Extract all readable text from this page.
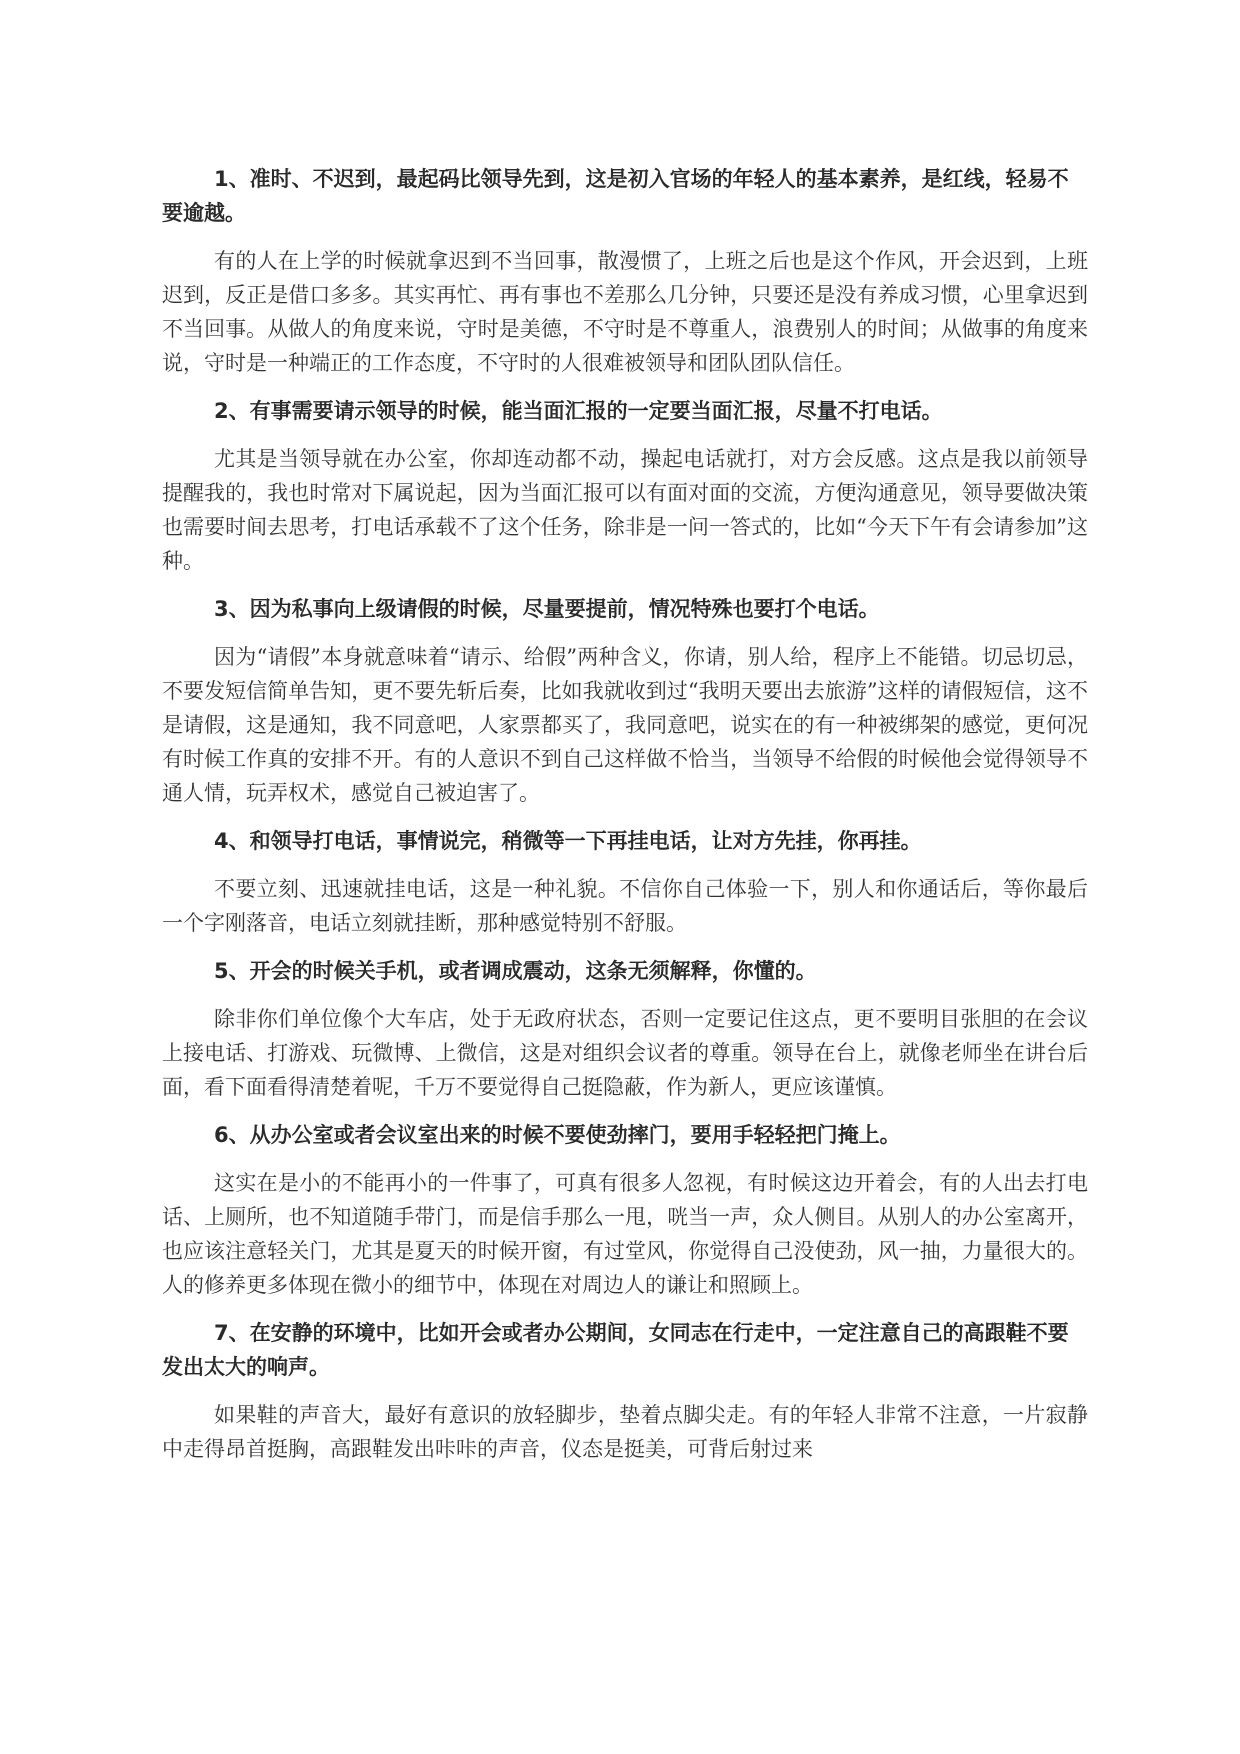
1、准时、不迟到，最起码比领导先到，这是初入官场的年轻人的基本素养，是红线，轻易不要逾越。

有的人在上学的时候就拿迟到不当回事，散漫惯了，上班之后也是这个作风，开会迟到，上班迟到，反正是借口多多。其实再忙、再有事也不差那么几分钟，只要还是没有养成习惯，心里拿迟到不当回事。从做人的角度来说，守时是美德，不守时是不尊重人，浪费别人的时间；从做事的角度来说，守时是一种端正的工作态度，不守时的人很难被领导和团队团队信任。

2、有事需要请示领导的时候，能当面汇报的一定要当面汇报，尽量不打电话。

尤其是当领导就在办公室，你却连动都不动，操起电话就打，对方会反感。这点是我以前领导提醒我的，我也时常对下属说起，因为当面汇报可以有面对面的交流，方便沟通意见，领导要做决策也需要时间去思考，打电话承载不了这个任务，除非是一问一答式的，比如“今天下午有会请参加”这种。

3、因为私事向上级请假的时候，尽量要提前，情况特殊也要打个电话。

因为“请假”本身就意味着“请示、给假”两种含义，你请，别人给，程序上不能错。切忌切忌，不要发短信简单告知，更不要先斩后奏，比如我就收到过“我明天要出去旅游”这样的请假短信，这不是请假，这是通知，我不同意吧，人家票都买了，我同意吧，说实在的有一种被绑架的感觉，更何况有时候工作真的安排不开。有的人意识不到自己这样做不恰当，当领导不给假的时候他会觉得领导不通人情，玩弄权术，感觉自己被迫害了。

4、和领导打电话，事情说完，稍微等一下再挂电话，让对方先挂，你再挂。

不要立刻、迅速就挂电话，这是一种礼貌。不信你自己体验一下，别人和你通话后，等你最后一个字刚落音，电话立刻就挂断，那种感觉特别不舒服。

5、开会的时候关手机，或者调成震动，这条无须解释，你懂的。

除非你们单位像个大车店，处于无政府状态，否则一定要记住这点，更不要明目张胆的在会议上接电话、打游戏、玩微博、上微信，这是对组织会议者的尊重。领导在台上，就像老师坐在讲台后面，看下面看得清楚着呢，千万不要觉得自己挺隐蔽，作为新人，更应该谨慎。

6、从办公室或者会议室出来的时候不要使劲摔门，要用手轻轻把门掩上。

这实在是小的不能再小的一件事了，可真有很多人忽视，有时候这边开着会，有的人出去打电话、上厕所，也不知道随手带门，而是信手那么一甩，咣当一声，众人侧目。从别人的办公室离开，也应该注意轻关门，尤其是夏天的时候开窗，有过堂风，你觉得自己没使劲，风一抽，力量很大的。人的修养更多体现在微小的细节中，体现在对周边人的谦让和照顾上。

7、在安静的环境中，比如开会或者办公期间，女同志在行走中，一定注意自己的高跟鞋不要发出太大的响声。

如果鞋的声音大，最好有意识的放轻脚步，垫着点脚尖走。有的年轻人非常不注意，一片寂静中走得昂首挺胸，高跟鞋发出咔咔的声音，仪态是挺美，可背后射过来
